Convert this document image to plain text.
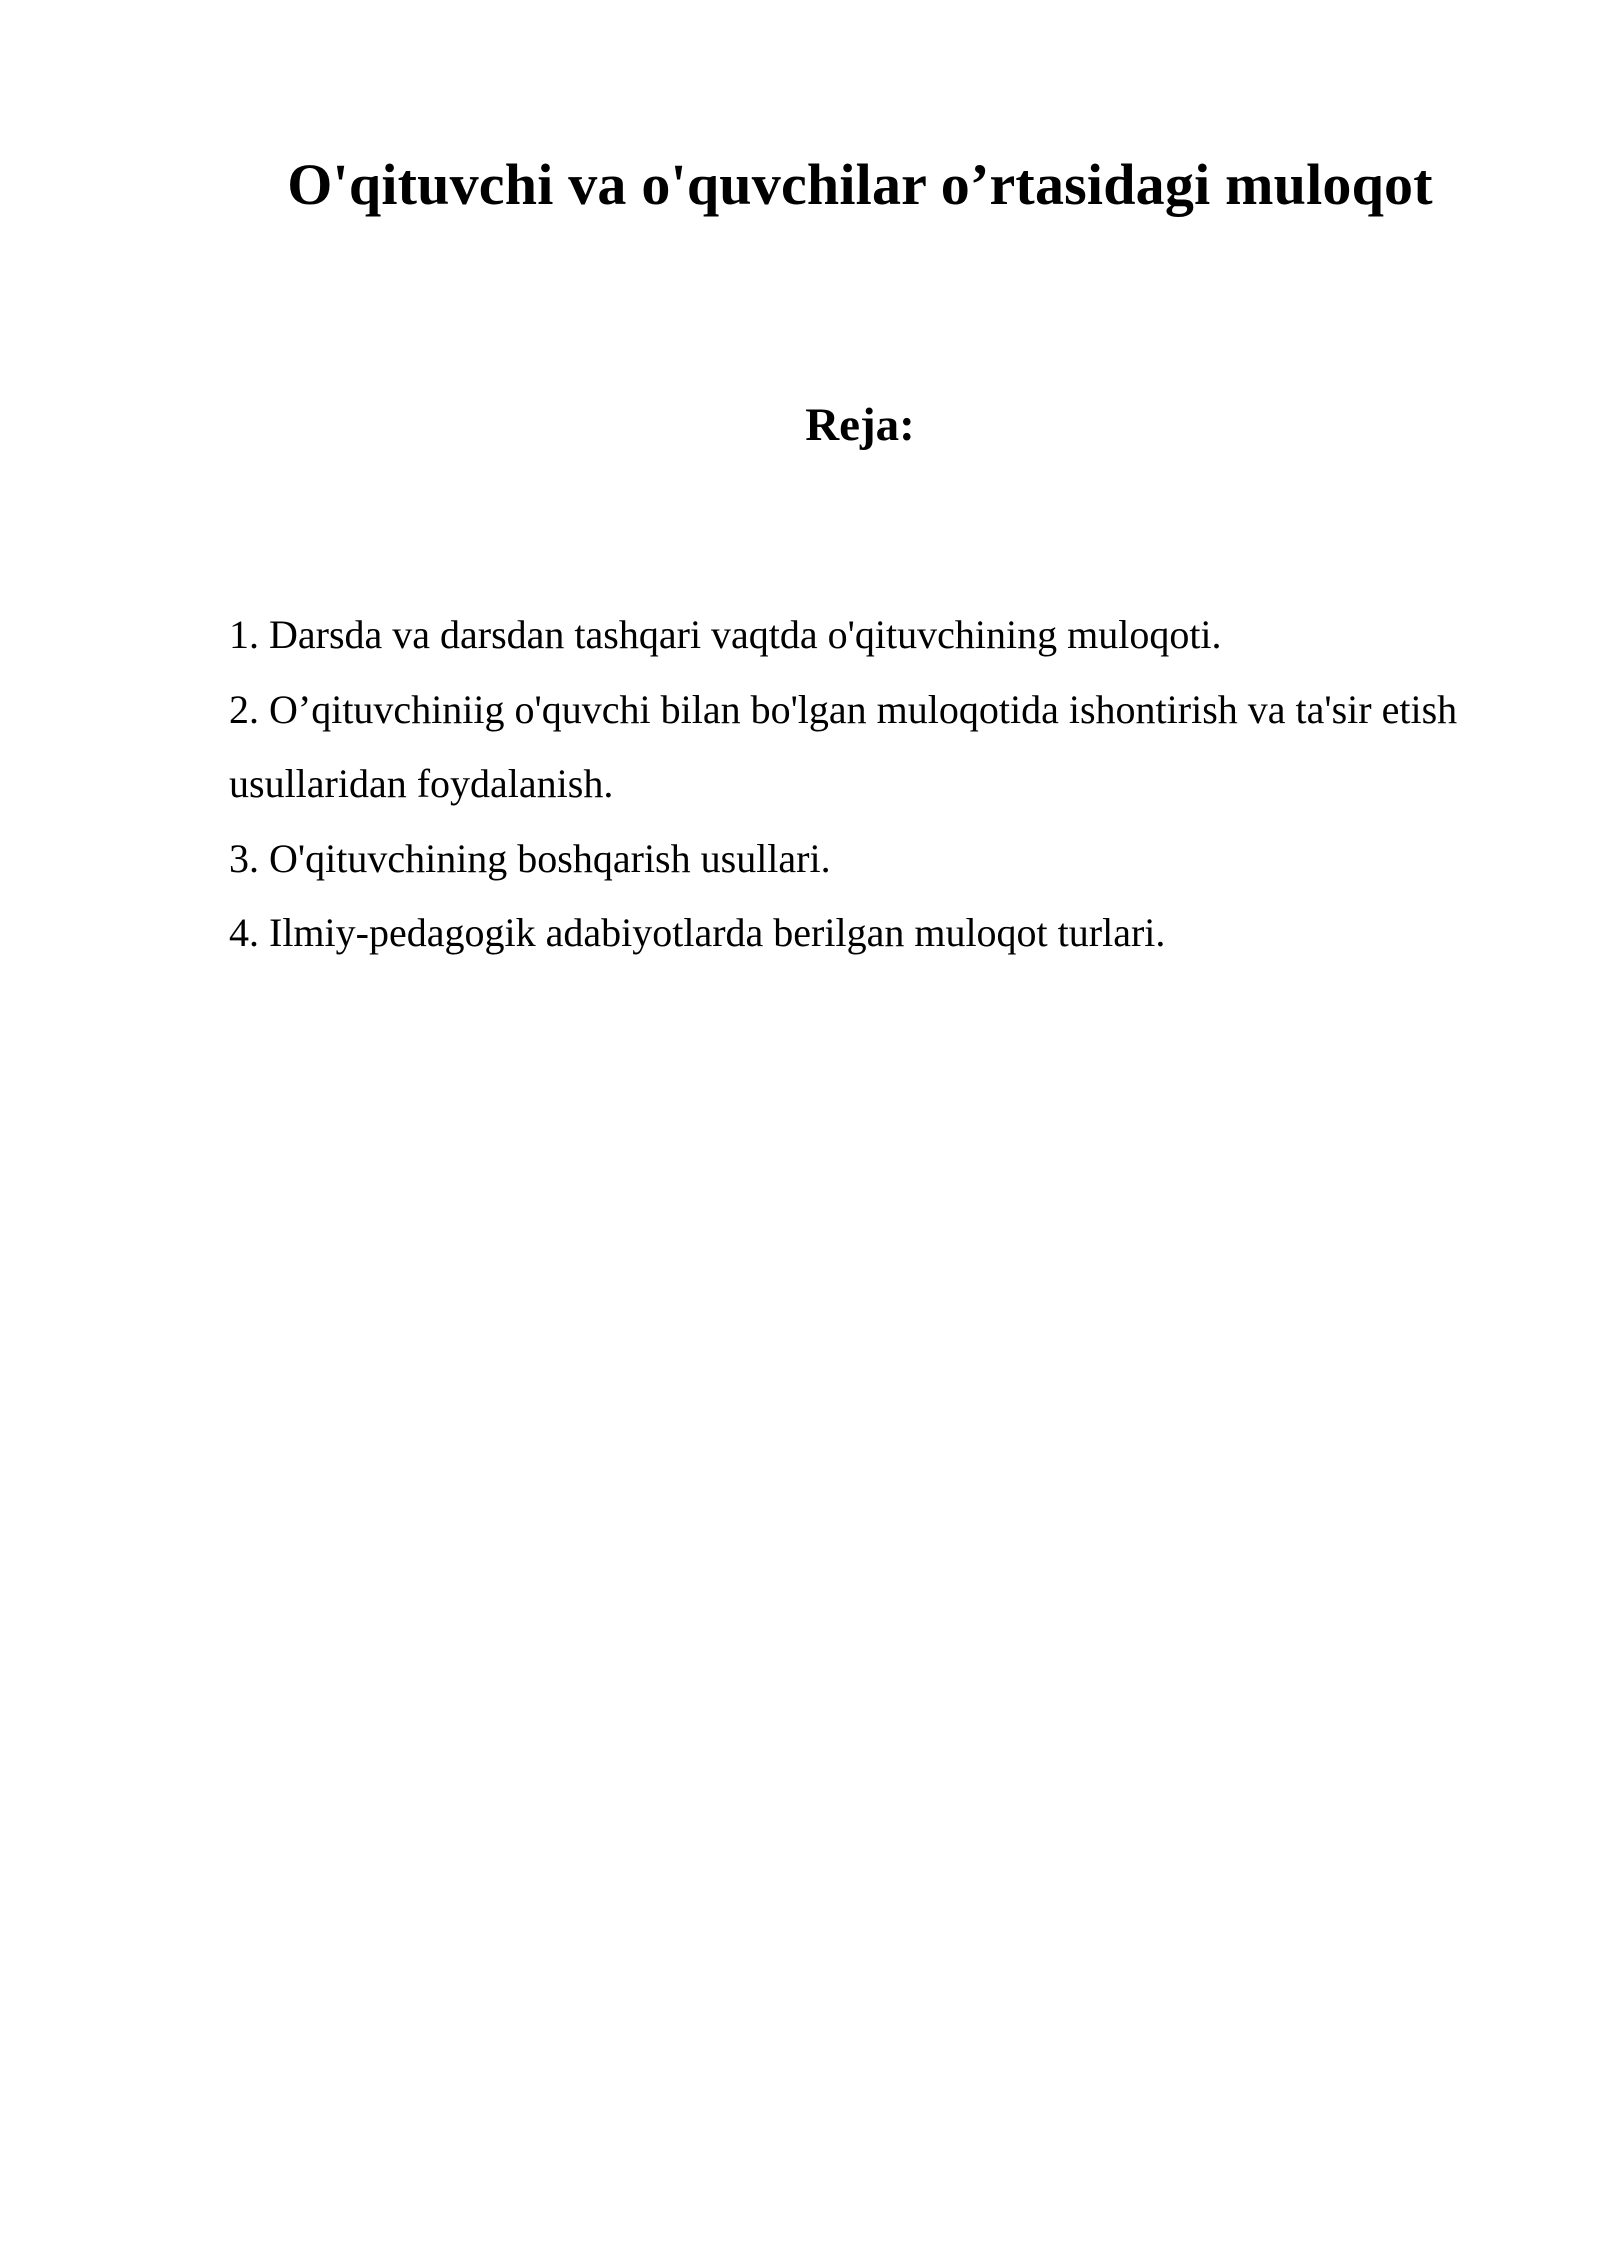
O'qituvchi va o'quvchilar o’rtasidagi muloqot
Reja:
1. Darsda va darsdan tashqari vaqtda o'qituvchining muloqoti.
2. O’qituvchiniig o'quvchi bilan bo'lgan muloqotida ishontirish va ta'sir etish usullaridan foydalanish.
3. O'qituvchining boshqarish usullari.
4. Ilmiy-pedagogik adabiyotlarda berilgan muloqot turlari.
